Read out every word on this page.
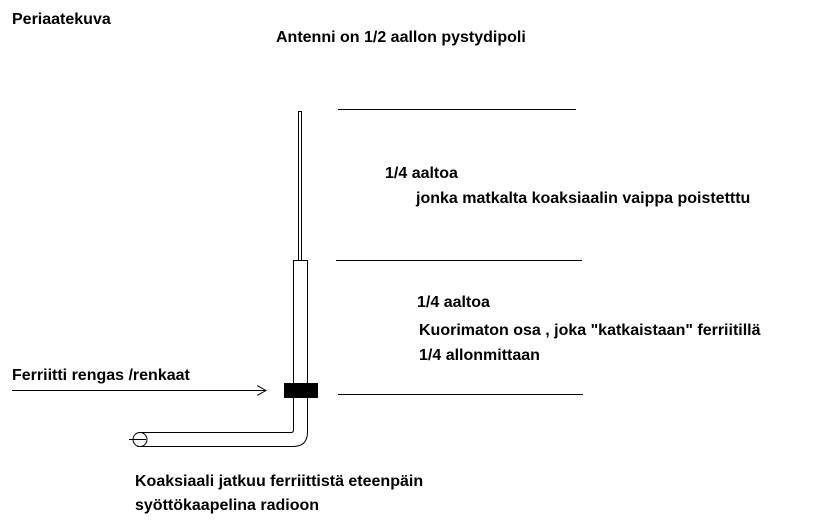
Periaatekuva
Antenni on 1/2 aallon pystydipoli
1/4 aaltoa
jonka matkalta koaksiaalin vaippa poistetttu
1/4 aaltoa
Kuorimaton osa , joka "katkaistaan" ferriitillä
1/4 allonmittaan
Ferriitti rengas /renkaat
Koaksiaali jatkuu ferriittistä eteenpäin
syöttökaapelina radioon
